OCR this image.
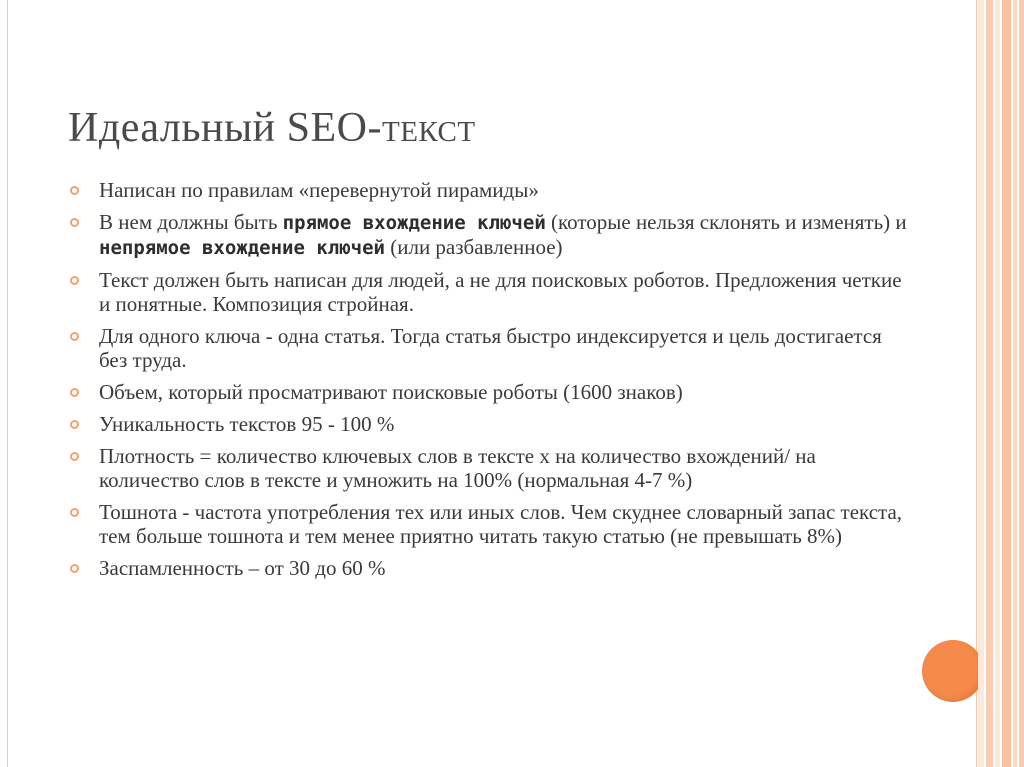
Идеальный SEO-текст
Написан по правилам «перевернутой пирамиды»
В нем должны быть прямое вхождение ключей (которые нельзя склонять и изменять) и непрямое вхождение ключей (или разбавленное)
Текст должен быть написан для людей, а не для поисковых роботов. Предложения четкие и понятные. Композиция стройная.
Для одного ключа - одна статья. Тогда статья быстро индексируется и цель достигается без труда.
Объем, который просматривают поисковые роботы (1600 знаков)
Уникальность текстов 95 - 100 %
Плотность = количество ключевых слов в тексте х на количество вхождений/ на количество слов в тексте и умножить на 100% (нормальная 4-7 %)
Тошнота - частота употребления тех или иных слов. Чем скуднее словарный запас текста, тем больше тошнота и тем менее приятно читать такую статью (не превышать 8%)
Заспамленность – от 30 до 60 %
